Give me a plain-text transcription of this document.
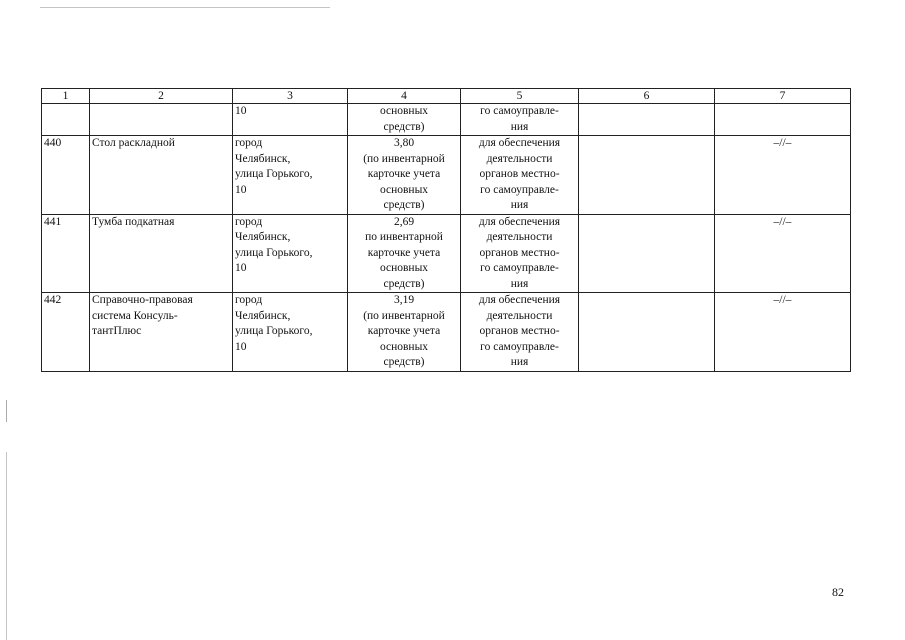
1	2	3	4	5	6	7

		10	основных
средств)	го самоуправле-
ния		

440	Стол раскладной	город
Челябинск,
улица Горького,
10	3,80
(по инвентарной
карточке учета
основных
средств)	для обеспечения
деятельности
органов местно-
го самоуправле-
ния		–//–
441	Тумба подкатная	город
Челябинск,
улица Горького,
10	2,69
по инвентарной
карточке учета
основных
средств)	для обеспечения
деятельности
органов местно-
го самоуправле-
ния		–//–
442	Справочно-правовая
система Консуль-
тантПлюс	город
Челябинск,
улица Горького,
10	3,19
(по инвентарной
карточке учета
основных
средств)	для обеспечения
деятельности
органов местно-
го самоуправле-
ния		–//–
82
